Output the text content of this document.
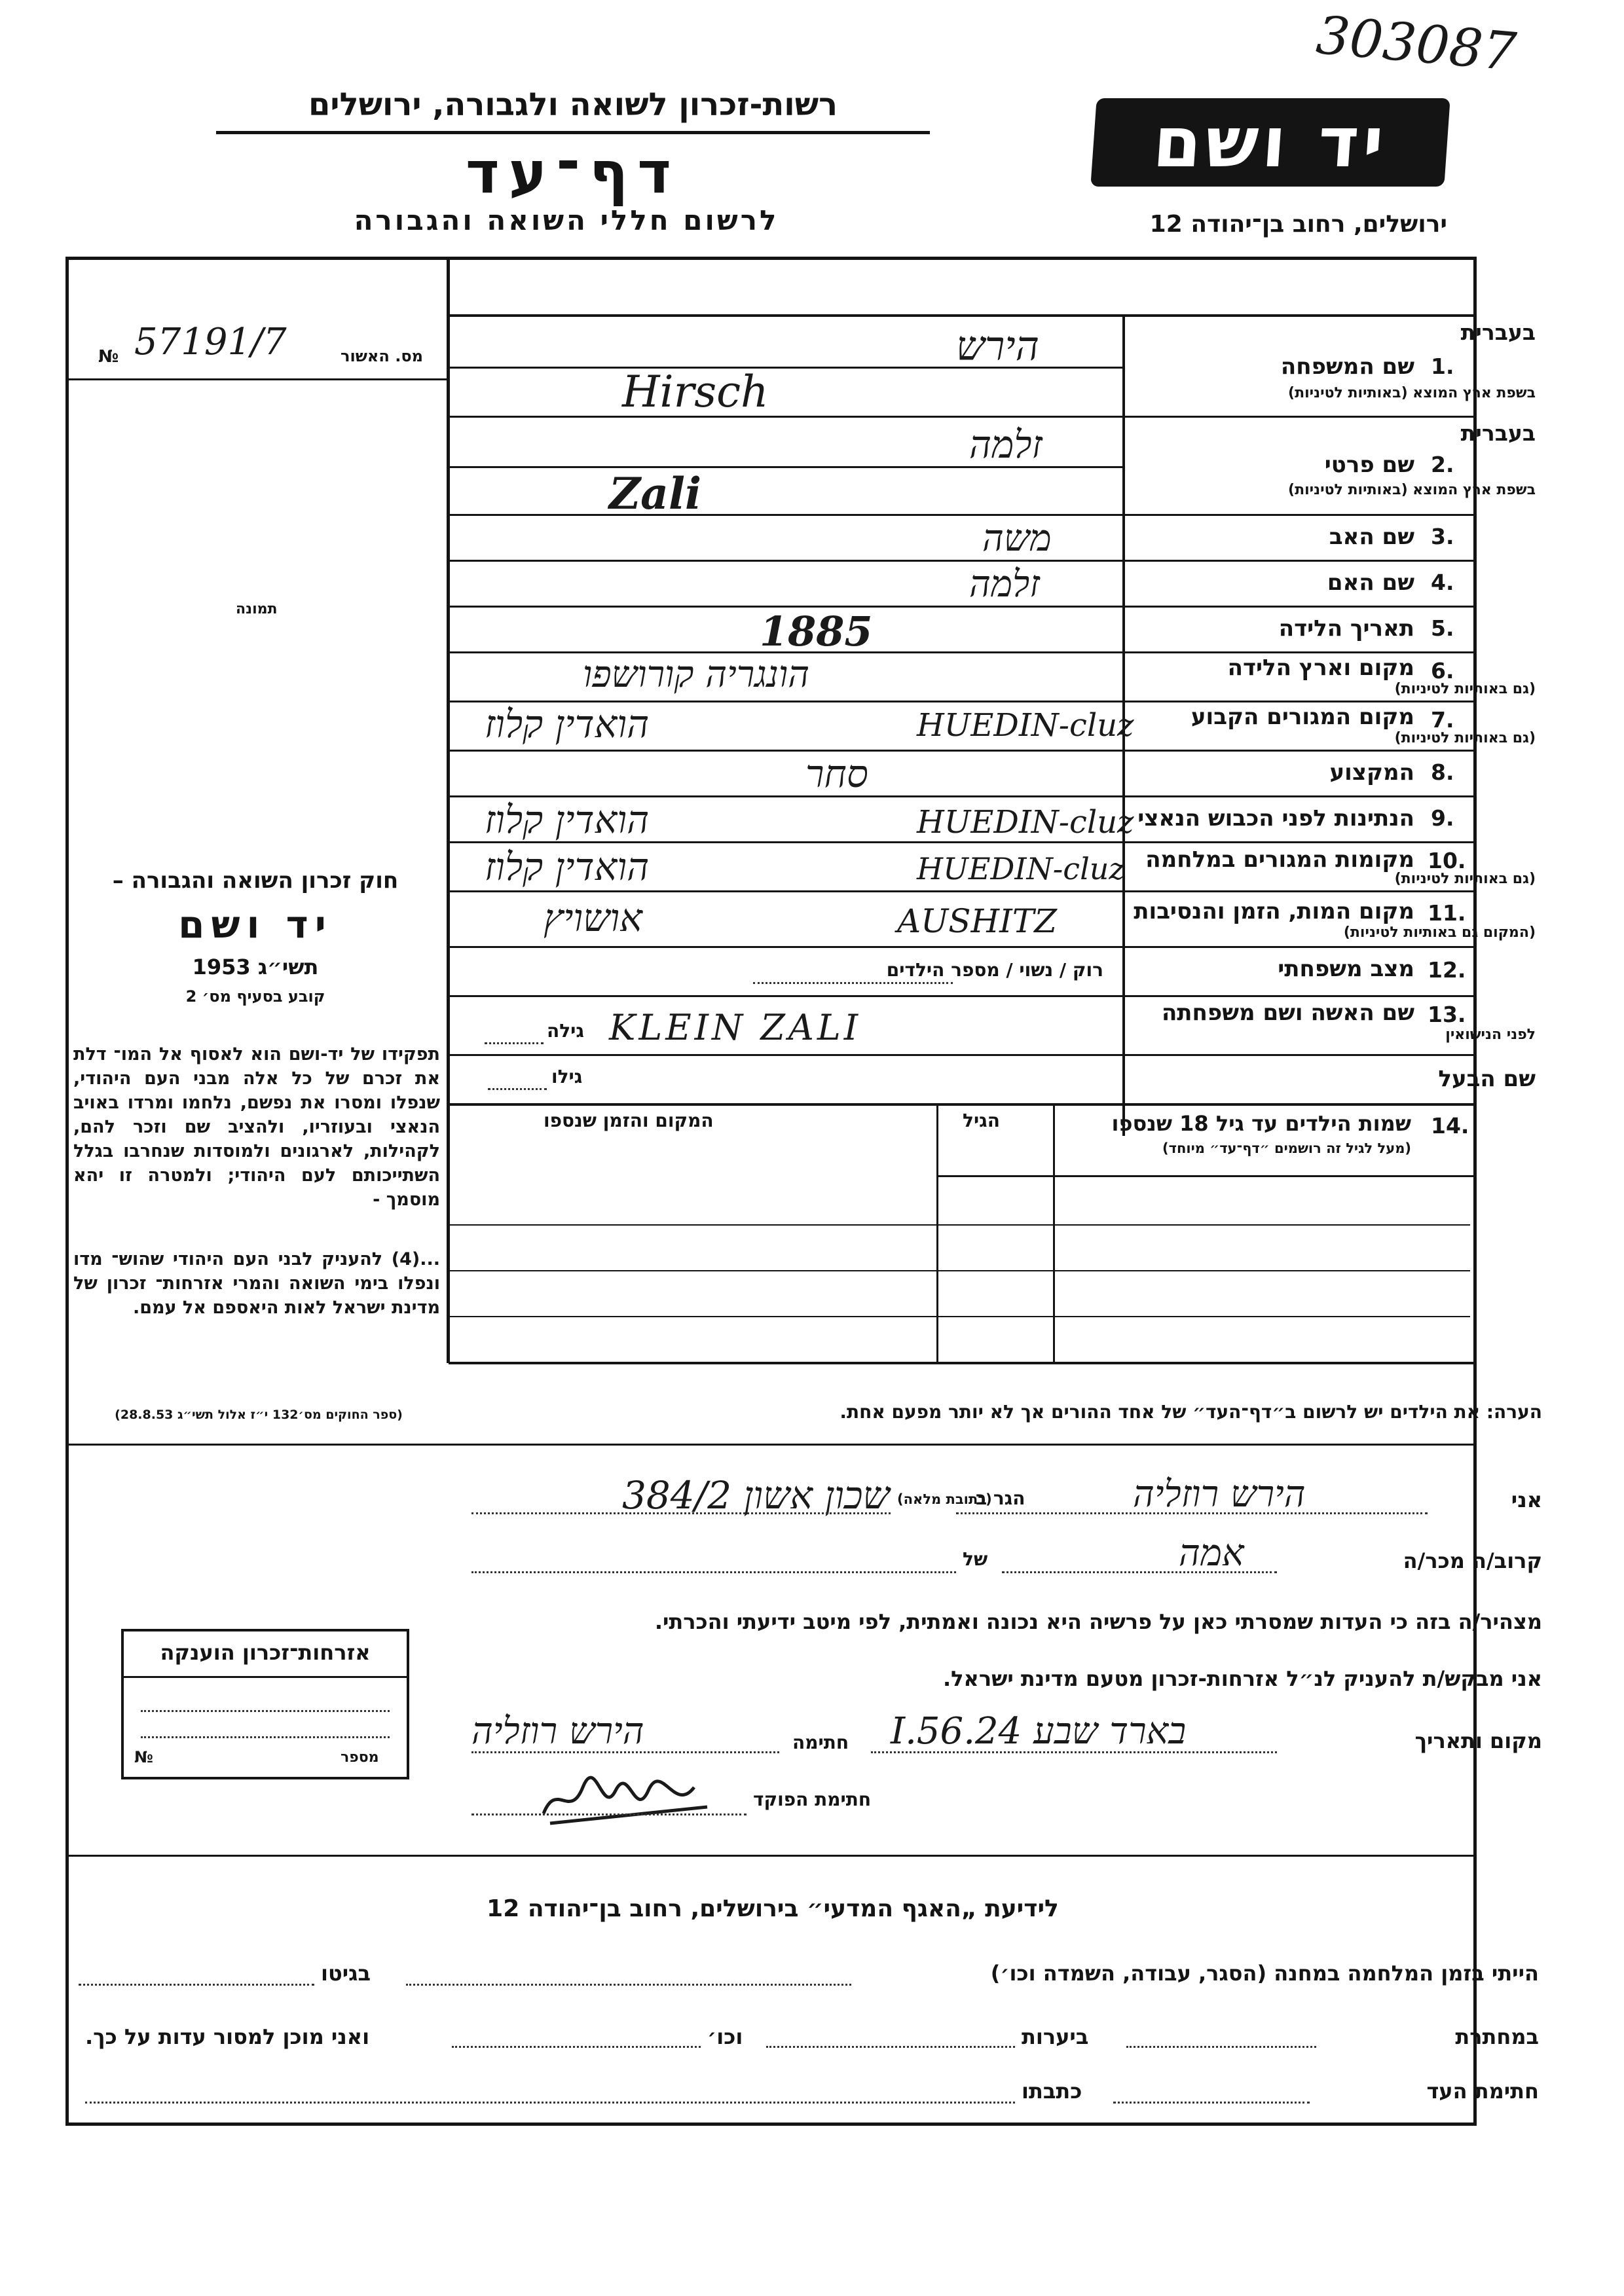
303087
רשות-זכרון לשואה ולגבורה, ירושלים
דף־עד
לרשום חללי השואה והגבורה
יד ושם
ירושלים, רחוב בן־יהודה 12
מס. האשור
№ 57191/7
תמונה
חוק זכרון השואה והגבורה –
יד ושם
תשי״ג 1953
קובע בסעיף מס׳ 2
תפקידו של יד-ושם הוא לאסוף אל המו־ דלת את זכרם של כל אלה מבני העם היהודי, שנפלו ומסרו את נפשם, נלחמו ומרדו באויב הנאצי ובעוזריו, ולהציב שם וזכר להם, לקהילות, לארגונים ולמוסדות שנחרבו בגלל השתייכותם לעם היהודי; ולמטרה זו יהא מוסמך -
...(4) להעניק לבני העם היהודי שהוש־ מדו ונפלו בימי השואה והמרי אזרחות־ זכרון של מדינת ישראל לאות היאספם אל עמם.
(ספר החוקים מס׳132 י״ז אלול תשי״ג 28.8.53)
בעברית
1.
שם המשפחה
בשפת ארץ המוצא (באותיות לטיניות)
בעברית
2.
שם פרטי
בשפת ארץ המוצא (באותיות לטיניות)
3.
שם האב
4.
שם האם
5.
תאריך הלידה
6.
מקום וארץ הלידה
(גם באותיות לטיניות)
7.
מקום המגורים הקבוע
(גם באותיות לטיניות)
8.
המקצוע
9.
הנתינות לפני הכבוש הנאצי
10.
מקומות המגורים במלחמה
(גם באותיות לטיניות)
11.
מקום המות, הזמן והנסיבות
(המקום גם באותיות לטיניות)
12.
מצב משפחתי
13.
שם האשה ושם משפחתה
לפני הנישואין
שם הבעל
הירש
Hirsch
זלמה
Zali
משה
זלמה
1885
הונגריה קורושפו
HUEDIN-cluz
הואדין קלוז
סחר
HUEDIN-cluz
הואדין קלוז
HUEDIN-cluz
הואדין קלוז
AUSHITZ
אושויץ
רוק / נשוי / מספר הילדים
KLEIN ZALI
גילה
גילו
14.
שמות הילדים עד גיל 18 שנספו
(מעל לגיל זה רושמים ״דף־עד״ מיוחד)
הגיל
המקום והזמן שנספו
הערה: את הילדים יש לרשום ב״דף־העד״ של אחד ההורים אך לא יותר מפעם אחת.
אני
הירש רוזליה
הגר ב
(כתובת מלאה)
שכון אשון 384/2
קרוב/ה מכר/ה
אמה
של
מצהיר/ה בזה כי העדות שמסרתי כאן על פרשיה היא נכונה ואמתית, לפי מיטב ידיעתי והכרתי.
אני מבקש/ת להעניק לנ״ל אזרחות-זכרון מטעם מדינת ישראל.
מקום ותאריך
בארד שבע 24.I.56
חתימה
הירש רוזליה
חתימת הפוקד
אזרחות־זכרון הוענקה
מספר
№
לידיעת „האגף המדעי״ בירושלים, רחוב בן־יהודה 12
הייתי בזמן המלחמה במחנה (הסגר, עבודה, השמדה וכו׳)
בגיטו
במחתרת
ביערות
וכו׳
ואני מוכן למסור עדות על כך.
חתימת העד
כתבתו
